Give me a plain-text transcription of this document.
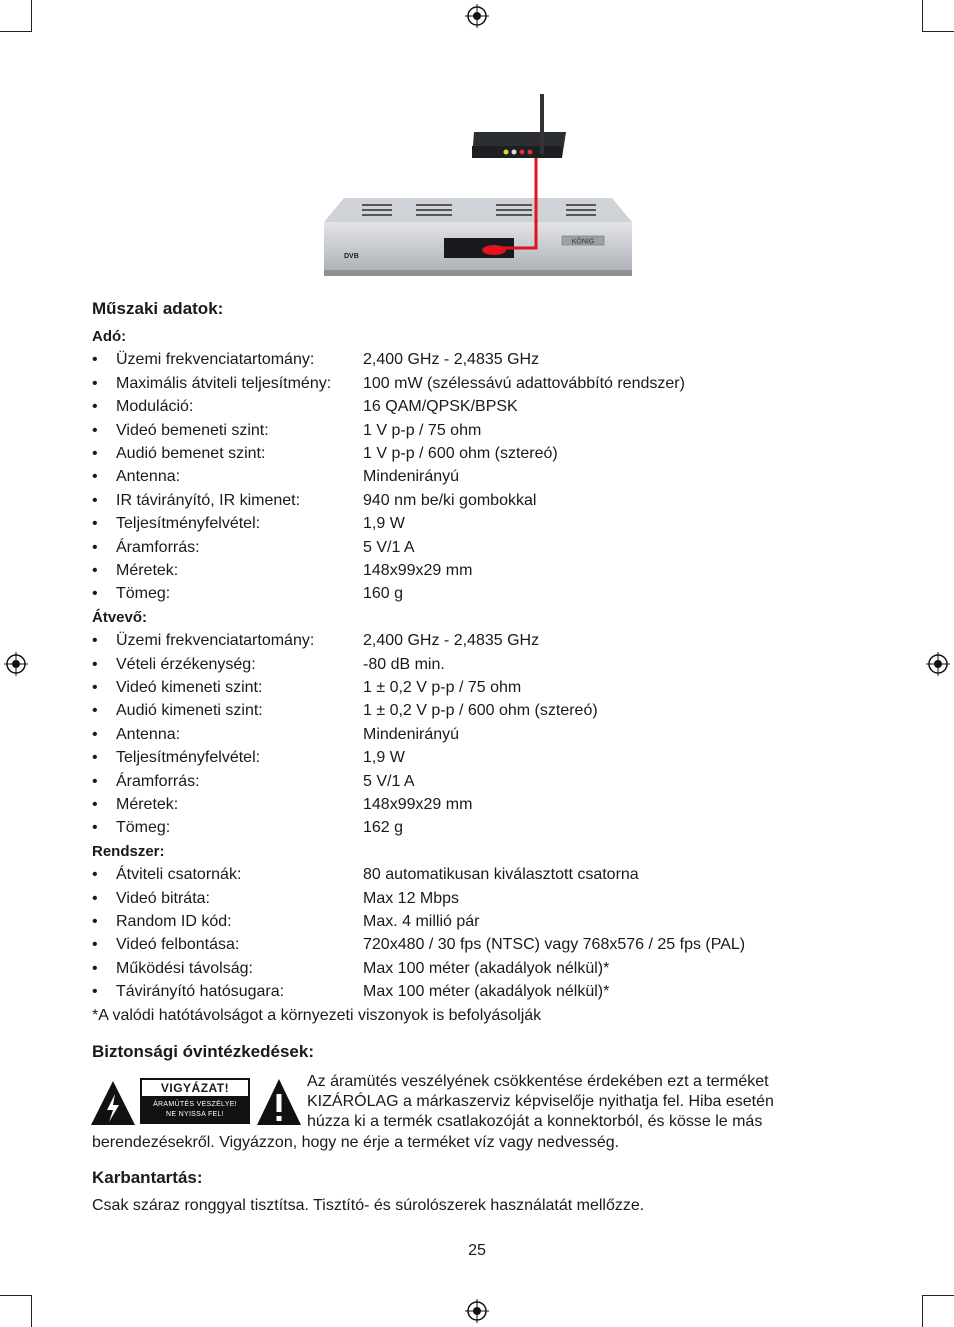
KÖNIG
DVB
Műszaki adatok:
Adó:
• Üzemi frekvenciatartomány:	2,400 GHz - 2,4835 GHz
• Maximális átviteli teljesítmény: 100 mW (szélessávú adattovábbító rendszer)
• Moduláció:	16 QAM/QPSK/BPSK
• Videó bemeneti szint:	1 V p-p / 75 ohm
• Audió bemenet szint:	1 V p-p / 600 ohm (sztereó)
• Antenna:	Mindenirányú
• IR távirányító, IR kimenet:	940 nm be/ki gombokkal
• Teljesítményfelvétel:	1,9 W
• Áramforrás:	5 V/1 A
• Méretek:	148x99x29 mm
• Tömeg:	160 g
Átvevő:
• Üzemi frekvenciatartomány:	2,400 GHz - 2,4835 GHz
• Vételi érzékenység:	-80 dB min.
• Videó kimeneti szint:	1 ± 0,2 V p-p / 75 ohm
• Audió kimeneti szint:	1 ± 0,2 V p-p / 600 ohm (sztereó)
• Antenna:	Mindenirányú
• Teljesítményfelvétel:	1,9 W
• Áramforrás:	5 V/1 A
• Méretek:	148x99x29 mm
• Tömeg:	162 g
Rendszer:
• Átviteli csatornák:	80 automatikusan kiválasztott csatorna
• Videó bitráta:	Max 12 Mbps
• Random ID kód:	Max. 4 millió pár
• Videó felbontása:	720x480 / 30 fps (NTSC) vagy 768x576 / 25 fps (PAL)
• Működési távolság:	Max 100 méter (akadályok nélkül)*
• Távirányító hatósugara:	Max 100 méter (akadályok nélkül)*
*A valódi hatótávolságot a környezeti viszonyok is befolyásolják
Biztonsági óvintézkedések:
VIGYÁZAT!
ÁRAMÜTÉS VESZÉLYE!
NE NYISSA FEL!
Az áramütés veszélyének csökkentése érdekében ezt a terméket
KIZÁRÓLAG a márkaszerviz képviselője nyithatja fel. Hiba esetén
húzza ki a termék csatlakozóját a konnektorból, és kösse le más
berendezésekről. Vigyázzon, hogy ne érje a terméket víz vagy nedvesség.
Karbantartás:
Csak száraz ronggyal tisztítsa. Tisztító- és súrolószerek használatát mellőzze.
25
